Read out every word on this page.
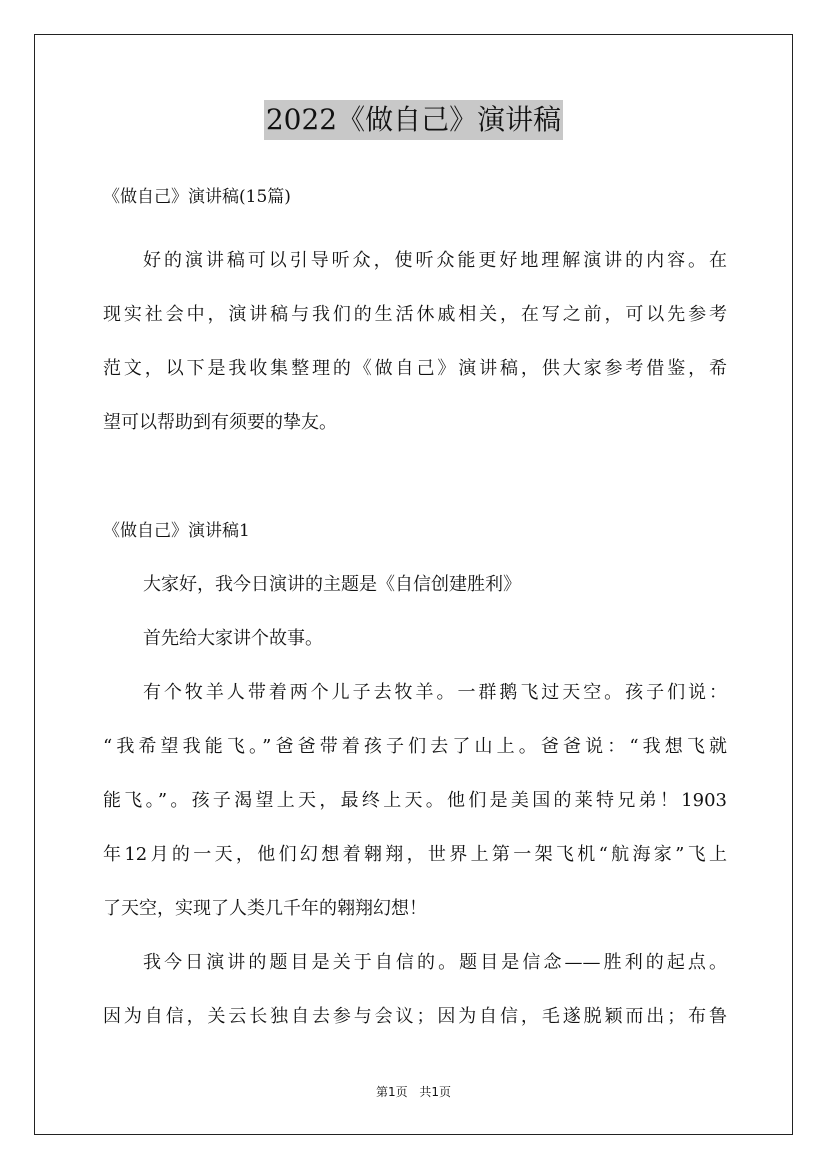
2022《做自己》演讲稿
《做自己》演讲稿(15篇)
好的演讲稿可以引导听众，使听众能更好地理解演讲的内容。在
现实社会中，演讲稿与我们的生活休戚相关，在写之前，可以先参考
范文，以下是我收集整理的《做自己》演讲稿，供大家参考借鉴，希
望可以帮助到有须要的挚友。
《做自己》演讲稿1
大家好，我今日演讲的主题是《自信创建胜利》
首先给大家讲个故事。
有个牧羊人带着两个儿子去牧羊。一群鹅飞过天空。孩子们说：
“我希望我能飞。”爸爸带着孩子们去了山上。爸爸说：“我想飞就
能飞。”。孩子渴望上天，最终上天。他们是美国的莱特兄弟！1903
年12月的一天，他们幻想着翱翔，世界上第一架飞机“航海家”飞上
了天空，实现了人类几千年的翱翔幻想！
我今日演讲的题目是关于自信的。题目是信念——胜利的起点。
因为自信，关云长独自去参与会议；因为自信，毛遂脱颖而出；布鲁
第1页 共1页
